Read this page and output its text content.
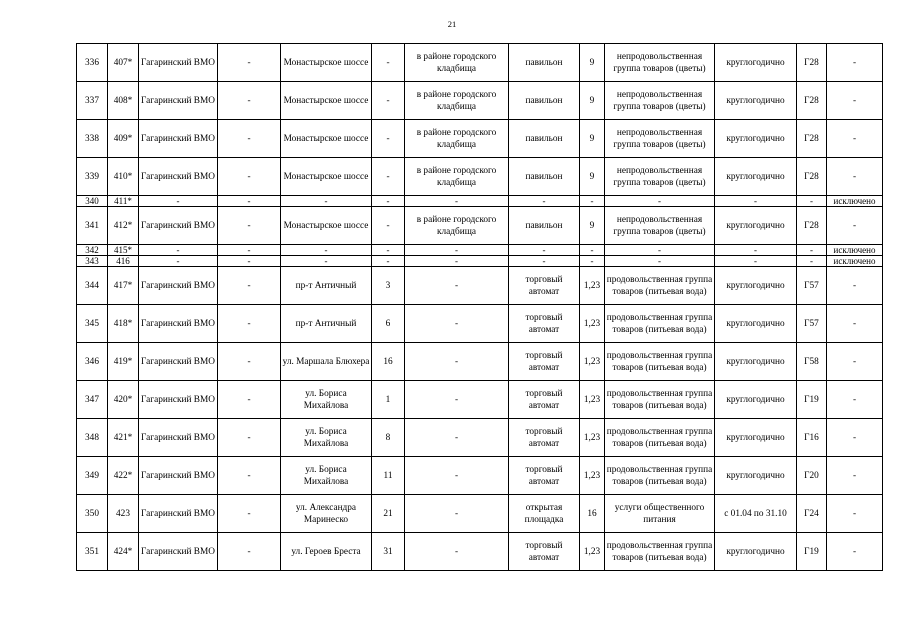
21
336	407*	Гагаринский ВМО	-	Монастырское шоссе	-	в районе городского кладбища	павильон	9	непродовольственная группа товаров (цветы)	круглогодично	Г28	-
337	408*	Гагаринский ВМО	-	Монастырское шоссе	-	в районе городского кладбища	павильон	9	непродовольственная группа товаров (цветы)	круглогодично	Г28	-
338	409*	Гагаринский ВМО	-	Монастырское шоссе	-	в районе городского кладбища	павильон	9	непродовольственная группа товаров (цветы)	круглогодично	Г28	-
339	410*	Гагаринский ВМО	-	Монастырское шоссе	-	в районе городского кладбища	павильон	9	непродовольственная группа товаров (цветы)	круглогодично	Г28	-
340	411*	-	-	-	-	-	-	-	-	-	-	исключено
341	412*	Гагаринский ВМО	-	Монастырское шоссе	-	в районе городского кладбища	павильон	9	непродовольственная группа товаров (цветы)	круглогодично	Г28	-
342	415*	-	-	-	-	-	-	-	-	-	-	исключено
343	416	-	-	-	-	-	-	-	-	-	-	исключено
344	417*	Гагаринский ВМО	-	пр-т Античный	3	-	торговый автомат	1,23	продовольственная группа товаров (питьевая вода)	круглогодично	Г57	-
345	418*	Гагаринский ВМО	-	пр-т Античный	6	-	торговый автомат	1,23	продовольственная группа товаров (питьевая вода)	круглогодично	Г57	-
346	419*	Гагаринский ВМО	-	ул. Маршала Блюхера	16	-	торговый автомат	1,23	продовольственная группа товаров (питьевая вода)	круглогодично	Г58	-
347	420*	Гагаринский ВМО	-	ул. Бориса Михайлова	1	-	торговый автомат	1,23	продовольственная группа товаров (питьевая вода)	круглогодично	Г19	-
348	421*	Гагаринский ВМО	-	ул. Бориса Михайлова	8	-	торговый автомат	1,23	продовольственная группа товаров (питьевая вода)	круглогодично	Г16	-
349	422*	Гагаринский ВМО	-	ул. Бориса Михайлова	11	-	торговый автомат	1,23	продовольственная группа товаров (питьевая вода)	круглогодично	Г20	-
350	423	Гагаринский ВМО	-	ул. Александра Маринеско	21	-	открытая площадка	16	услуги общественного питания	с 01.04 по 31.10	Г24	-
351	424*	Гагаринский ВМО	-	ул. Героев Бреста	31	-	торговый автомат	1,23	продовольственная группа товаров (питьевая вода)	круглогодично	Г19	-
